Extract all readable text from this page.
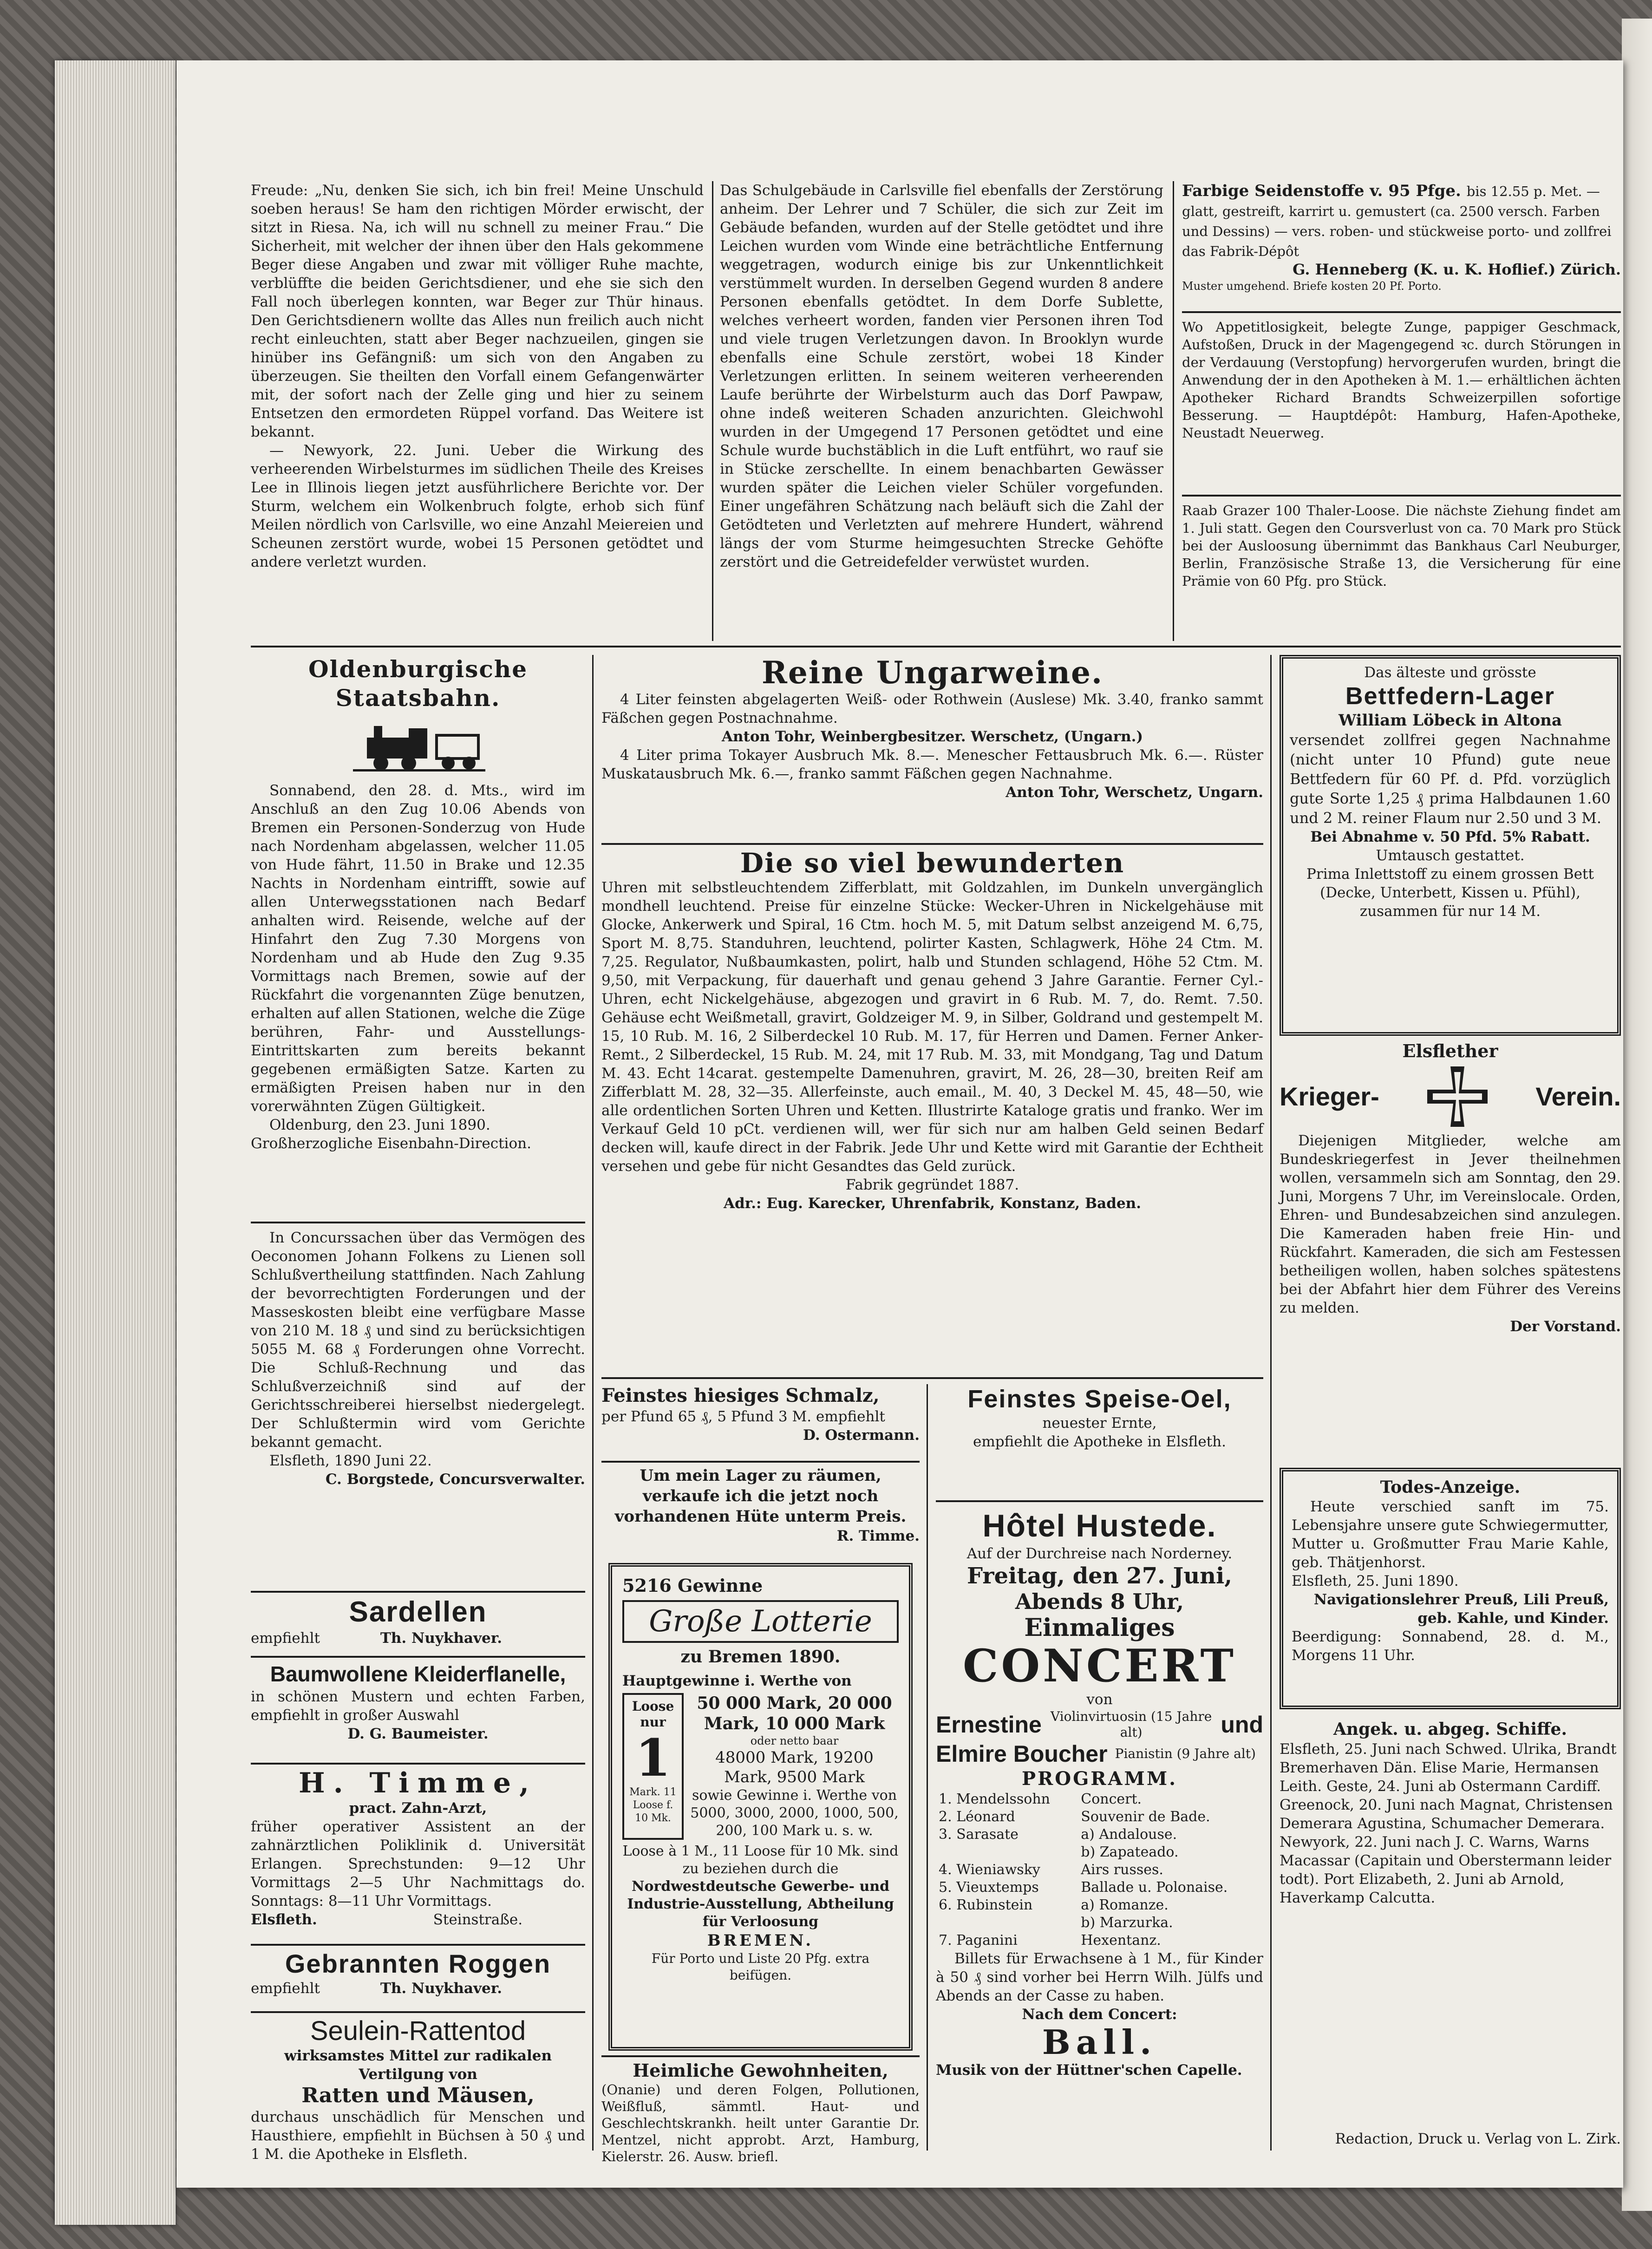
Freude: „Nu, denken Sie sich, ich bin frei! Meine Unschuld soeben heraus! Se ham den richtigen Mörder erwischt, der sitzt in Riesa. Na, ich will nu schnell zu meiner Frau.“ Die Sicherheit, mit welcher der ihnen über den Hals gekommene Beger diese Angaben und zwar mit völliger Ruhe machte, verblüffte die beiden Gerichtsdiener, und ehe sie sich den Fall noch überlegen konnten, war Beger zur Thür hinaus. Den Gerichtsdienern wollte das Alles nun freilich auch nicht recht einleuchten, statt aber Beger nachzueilen, gingen sie hinüber ins Gefängniß: um sich von den Angaben zu überzeugen. Sie theilten den Vorfall einem Gefangenwärter mit, der sofort nach der Zelle ging und hier zu seinem Entsetzen den ermordeten Rüppel vorfand. Das Weitere ist bekannt.

— Newyork, 22. Juni. Ueber die Wirkung des verheerenden Wirbelsturmes im südlichen Theile des Kreises Lee in Illinois liegen jetzt ausführlichere Berichte vor. Der Sturm, welchem ein Wolkenbruch folgte, erhob sich fünf Meilen nördlich von Carlsville, wo eine Anzahl Meiereien und Scheunen zerstört wurde, wobei 15 Personen getödtet und andere verletzt wurden.

Das Schulgebäude in Carlsville fiel ebenfalls der Zerstörung anheim. Der Lehrer und 7 Schüler, die sich zur Zeit im Gebäude befanden, wurden auf der Stelle getödtet und ihre Leichen wurden vom Winde eine beträchtliche Entfernung weggetragen, wodurch einige bis zur Unkenntlichkeit verstümmelt wurden. In derselben Gegend wurden 8 andere Personen ebenfalls getödtet. In dem Dorfe Sublette, welches verheert worden, fanden vier Personen ihren Tod und viele trugen Verletzungen davon. In Brooklyn wurde ebenfalls eine Schule zerstört, wobei 18 Kinder Verletzungen erlitten. In seinem weiteren verheerenden Laufe berührte der Wirbelsturm auch das Dorf Pawpaw, ohne indeß weiteren Schaden anzurichten. Gleichwohl wurden in der Umgegend 17 Personen getödtet und eine Schule wurde buchstäblich in die Luft entführt, wo rauf sie in Stücke zerschellte. In einem benachbarten Gewässer wurden später die Leichen vieler Schüler vorgefunden. Einer ungefähren Schätzung nach beläuft sich die Zahl der Getödteten und Verletzten auf mehrere Hundert, während längs der vom Sturme heimgesuchten Strecke Gehöfte zerstört und die Getreidefelder verwüstet wurden.

Farbige Seidenstoffe v. 95 Pfge. bis 12.55 p. Met. — glatt, gestreift, karrirt u. gemustert (ca. 2500 versch. Farben und Dessins) — vers. roben- und stückweise porto- und zollfrei das Fabrik-Dépôt
G. Henneberg (K. u. K. Hoflief.) Zürich.
Muster umgehend. Briefe kosten 20 Pf. Porto.

Wo Appetitlosigkeit, belegte Zunge, pappiger Geschmack, Aufstoßen, Druck in der Magengegend ꝛc. durch Störungen in der Verdauung (Verstopfung) hervorgerufen wurden, bringt die Anwendung der in den Apotheken à M. 1.— erhältlichen ächten Apotheker Richard Brandts Schweizerpillen sofortige Besserung. — Hauptdépôt: Hamburg, Hafen-Apotheke, Neustadt Neuerweg.

Raab Grazer 100 Thaler-Loose. Die nächste Ziehung findet am 1. Juli statt. Gegen den Coursverlust von ca. 70 Mark pro Stück bei der Ausloosung übernimmt das Bankhaus Carl Neuburger, Berlin, Französische Straße 13, die Versicherung für eine Prämie von 60 Pfg. pro Stück.

Oldenburgische Staatsbahn.

Sonnabend, den 28. d. Mts., wird im Anschluß an den Zug 10.06 Abends von Bremen ein Personen-Sonderzug von Hude nach Nordenham abgelassen, welcher 11.05 von Hude fährt, 11.50 in Brake und 12.35 Nachts in Nordenham eintrifft, sowie auf allen Unterwegsstationen nach Bedarf anhalten wird. Reisende, welche auf der Hinfahrt den Zug 7.30 Morgens von Nordenham und ab Hude den Zug 9.35 Vormittags nach Bremen, sowie auf der Rückfahrt die vorgenannten Züge benutzen, erhalten auf allen Stationen, welche die Züge berühren, Fahr- und Ausstellungs-Eintrittskarten zum bereits bekannt gegebenen ermäßigten Satze. Karten zu ermäßigten Preisen haben nur in den vorerwähnten Zügen Gültigkeit.

Oldenburg, den 23. Juni 1890.

Großherzogliche Eisenbahn-Direction.

In Concurssachen über das Vermögen des Oeconomen Johann Folkens zu Lienen soll Schlußvertheilung stattfinden. Nach Zahlung der bevorrechtigten Forderungen und der Masseskosten bleibt eine verfügbare Masse von 210 M. 18 ₰ und sind zu berücksichtigen 5055 M. 68 ₰ Forderungen ohne Vorrecht. Die Schluß-Rechnung und das Schlußverzeichniß sind auf der Gerichtsschreiberei hierselbst niedergelegt. Der Schlußtermin wird vom Gerichte bekannt gemacht.

Elsfleth, 1890 Juni 22.

C. Borgstede, Concursverwalter.

Sardellen
empfiehlt	Th. Nuykhaver.
Baumwollene Kleiderflanelle,

in schönen Mustern und echten Farben, empfiehlt in großer Auswahl

D. G. Baumeister.

H. Timme,
pract. Zahn-Arzt,

früher operativer Assistent an der zahnärztlichen Poliklinik d. Universität Erlangen. Sprechstunden: 9—12 Uhr Vormittags 2—5 Uhr Nachmittags do. Sonntags: 8—11 Uhr Vormittags.

Elsfleth.	Steinstraße.
Gebrannten Roggen
empfiehlt	Th. Nuykhaver.
Seulein-Rattentod
wirksamstes Mittel zur radikalen Vertilgung von
Ratten und Mäusen,

durchaus unschädlich für Menschen und Hausthiere, empfiehlt in Büchsen à 50 ₰ und 1 M. die Apotheke in Elsfleth.

Reine Ungarweine.

4 Liter feinsten abgelagerten Weiß- oder Rothwein (Auslese) Mk. 3.40, franko sammt Fäßchen gegen Postnachnahme.

Anton Tohr, Weinbergbesitzer. Werschetz, (Ungarn.)

4 Liter prima Tokayer Ausbruch Mk. 8.—. Menescher Fettausbruch Mk. 6.—. Rüster Muskatausbruch Mk. 6.—, franko sammt Fäßchen gegen Nachnahme.

Anton Tohr, Werschetz, Ungarn.

Die so viel bewunderten

Uhren mit selbstleuchtendem Zifferblatt, mit Goldzahlen, im Dunkeln unvergänglich mondhell leuchtend. Preise für einzelne Stücke: Wecker-Uhren in Nickelgehäuse mit Glocke, Ankerwerk und Spiral, 16 Ctm. hoch M. 5, mit Datum selbst anzeigend M. 6,75, Sport M. 8,75. Standuhren, leuchtend, polirter Kasten, Schlagwerk, Höhe 24 Ctm. M. 7,25. Regulator, Nußbaumkasten, polirt, halb und Stunden schlagend, Höhe 52 Ctm. M. 9,50, mit Verpackung, für dauerhaft und genau gehend 3 Jahre Garantie. Ferner Cyl.-Uhren, echt Nickelgehäuse, abgezogen und gravirt in 6 Rub. M. 7, do. Remt. 7.50. Gehäuse echt Weißmetall, gravirt, Goldzeiger M. 9, in Silber, Goldrand und gestempelt M. 15, 10 Rub. M. 16, 2 Silberdeckel 10 Rub. M. 17, für Herren und Damen. Ferner Anker-Remt., 2 Silberdeckel, 15 Rub. M. 24, mit 17 Rub. M. 33, mit Mondgang, Tag und Datum M. 43. Echt 14carat. gestempelte Damenuhren, gravirt, M. 26, 28—30, breiten Reif am Zifferblatt M. 28, 32—35. Allerfeinste, auch email., M. 40, 3 Deckel M. 45, 48—50, wie alle ordentlichen Sorten Uhren und Ketten. Illustrirte Kataloge gratis und franko. Wer im Verkauf Geld 10 pCt. verdienen will, wer für sich nur am halben Geld seinen Bedarf decken will, kaufe direct in der Fabrik. Jede Uhr und Kette wird mit Garantie der Echtheit versehen und gebe für nicht Gesandtes das Geld zurück.

Fabrik gegründet 1887.

Adr.: Eug. Karecker, Uhrenfabrik, Konstanz, Baden.

Feinstes hiesiges Schmalz,

per Pfund 65 ₰, 5 Pfund 3 M. empfiehlt

D. Ostermann.

Um mein Lager zu räumen, verkaufe ich die jetzt noch vorhandenen Hüte unterm Preis.

R. Timme.

5216 Gewinne
Große Lotterie
zu Bremen 1890.
Hauptgewinne i. Werthe von
Loose nur
1
Mark. 11 Loose f. 10 Mk.
50 000 Mark, 20 000 Mark, 10 000 Mark
oder netto baar
48000 Mark, 19200 Mark, 9500 Mark
sowie Gewinne i. Werthe von 5000, 3000, 2000, 1000, 500, 200, 100 Mark u. s. w.
Loose à 1 M., 11 Loose für 10 Mk. sind zu beziehen durch die
Nordwestdeutsche Gewerbe- und Industrie-Ausstellung, Abtheilung für Verloosung
BREMEN.
Für Porto und Liste 20 Pfg. extra beifügen.
Heimliche Gewohnheiten,

(Onanie) und deren Folgen, Pollutionen, Weißfluß, sämmtl. Haut- und Geschlechtskrankh. heilt unter Garantie Dr. Mentzel, nicht approbt. Arzt, Hamburg, Kielerstr. 26. Ausw. briefl.

Feinstes Speise-Oel,
neuester Ernte,

empfiehlt die Apotheke in Elsfleth.

Hôtel Hustede.
Auf der Durchreise nach Norderney.
Freitag, den 27. Juni,
Abends 8 Uhr,
Einmaliges
CONCERT
von
Ernestine Violinvirtuosin (15 Jahre alt)	und
Elmire Boucher Pianistin (9 Jahre alt)
PROGRAMM.
1. Mendelssohn	Concert.
2. Léonard	Souvenir de Bade.
3. Sarasate	a) Andalouse.
	b) Zapateado.
4. Wieniawsky	Airs russes.
5. Vieuxtemps	Ballade u. Polonaise.
6. Rubinstein	a) Romanze.
	b) Marzurka.
7. Paganini	Hexentanz.

Billets für Erwachsene à 1 M., für Kinder à 50 ₰ sind vorher bei Herrn Wilh. Jülfs und Abends an der Casse zu haben.

Nach dem Concert:
Ball.
Musik von der Hüttner'schen Capelle.
Das älteste und grösste
Bettfedern-Lager
William Löbeck in Altona

versendet zollfrei gegen Nachnahme (nicht unter 10 Pfund) gute neue Bettfedern für 60 Pf. d. Pfd. vorzüglich gute Sorte 1,25 ₰ prima Halbdaunen 1.60 und 2 M. reiner Flaum nur 2.50 und 3 M.

Bei Abnahme v. 50 Pfd. 5% Rabatt.
Umtausch gestattet.

Prima Inlettstoff zu einem grossen Bett (Decke, Unterbett, Kissen u. Pfühl), zusammen für nur 14 M.

Elsflether
Krieger-	Verein.

Diejenigen Mitglieder, welche am Bundeskriegerfest in Jever theilnehmen wollen, versammeln sich am Sonntag, den 29. Juni, Morgens 7 Uhr, im Vereinslocale. Orden, Ehren- und Bundesabzeichen sind anzulegen. Die Kameraden haben freie Hin- und Rückfahrt. Kameraden, die sich am Festessen betheiligen wollen, haben solches spätestens bei der Abfahrt hier dem Führer des Vereins zu melden.

Der Vorstand.

Todes-Anzeige.

Heute verschied sanft im 75. Lebensjahre unsere gute Schwiegermutter, Mutter u. Großmutter Frau Marie Kahle, geb. Thätjenhorst.

Elsfleth, 25. Juni 1890.

Navigationslehrer Preuß, Lili Preuß, geb. Kahle, und Kinder.

Beerdigung: Sonnabend, 28. d. M., Morgens 11 Uhr.

Angek. u. abgeg. Schiffe.

Elsfleth, 25. Juni nach Schwed. Ulrika, Brandt Bremerhaven Dän. Elise Marie, Hermansen Leith. Geste, 24. Juni ab Ostermann Cardiff. Greenock, 20. Juni nach Magnat, Christensen Demerara Agustina, Schumacher Demerara. Newyork, 22. Juni nach J. C. Warns, Warns Macassar (Capitain und Oberstermann leider todt). Port Elizabeth, 2. Juni ab Arnold, Haverkamp Calcutta.

Redaction, Druck u. Verlag von L. Zirk.
